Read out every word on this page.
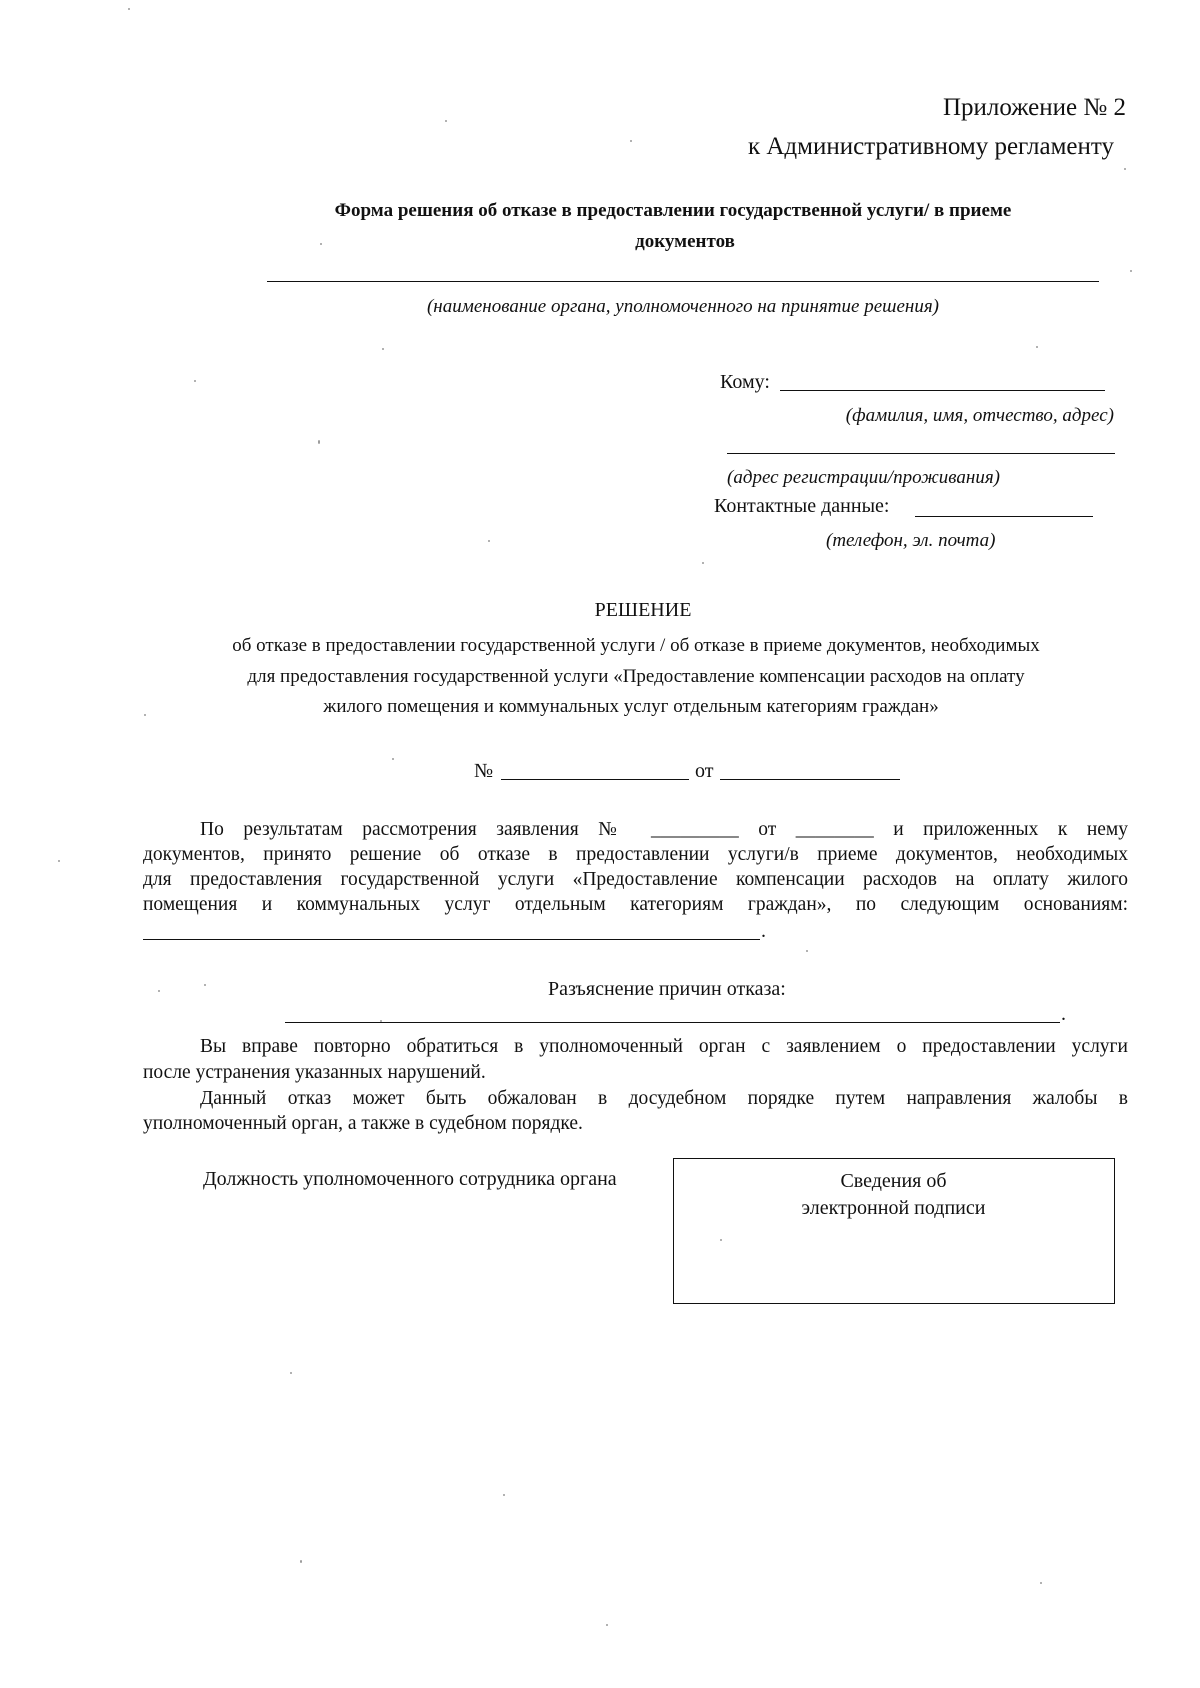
Приложение № 2
к Административному регламенту
Форма решения об отказе в предоставлении государственной услуги/ в приеме
документов
(наименование органа, уполномоченного на принятие решения)
Кому:
(фамилия, имя, отчество, адрес)
(адрес регистрации/проживания)
Контактные данные:
(телефон, эл. почта)
РЕШЕНИЕ
об отказе в предоставлении государственной услуги / об отказе в приеме документов, необходимых
для предоставления государственной услуги «Предоставление компенсации расходов на оплату
жилого помещения и коммунальных услуг отдельным категориям граждан»
№	от
По результатам рассмотрения заявления № _________ от ________ и приложенных к нему
документов, принято решение об отказе в предоставлении услуги/в приеме документов, необходимых
для предоставления государственной услуги «Предоставление компенсации расходов на оплату жилого
помещения и коммунальных услуг отдельным категориям граждан», по следующим основаниям:
.
Разъяснение причин отказа:
.
Вы вправе повторно обратиться в уполномоченный орган с заявлением о предоставлении услуги
после устранения указанных нарушений.
Данный отказ может быть обжалован в досудебном порядке путем направления жалобы в
уполномоченный орган, а также в судебном порядке.
Должность уполномоченного сотрудника органа	Сведения об
электронной подписи
